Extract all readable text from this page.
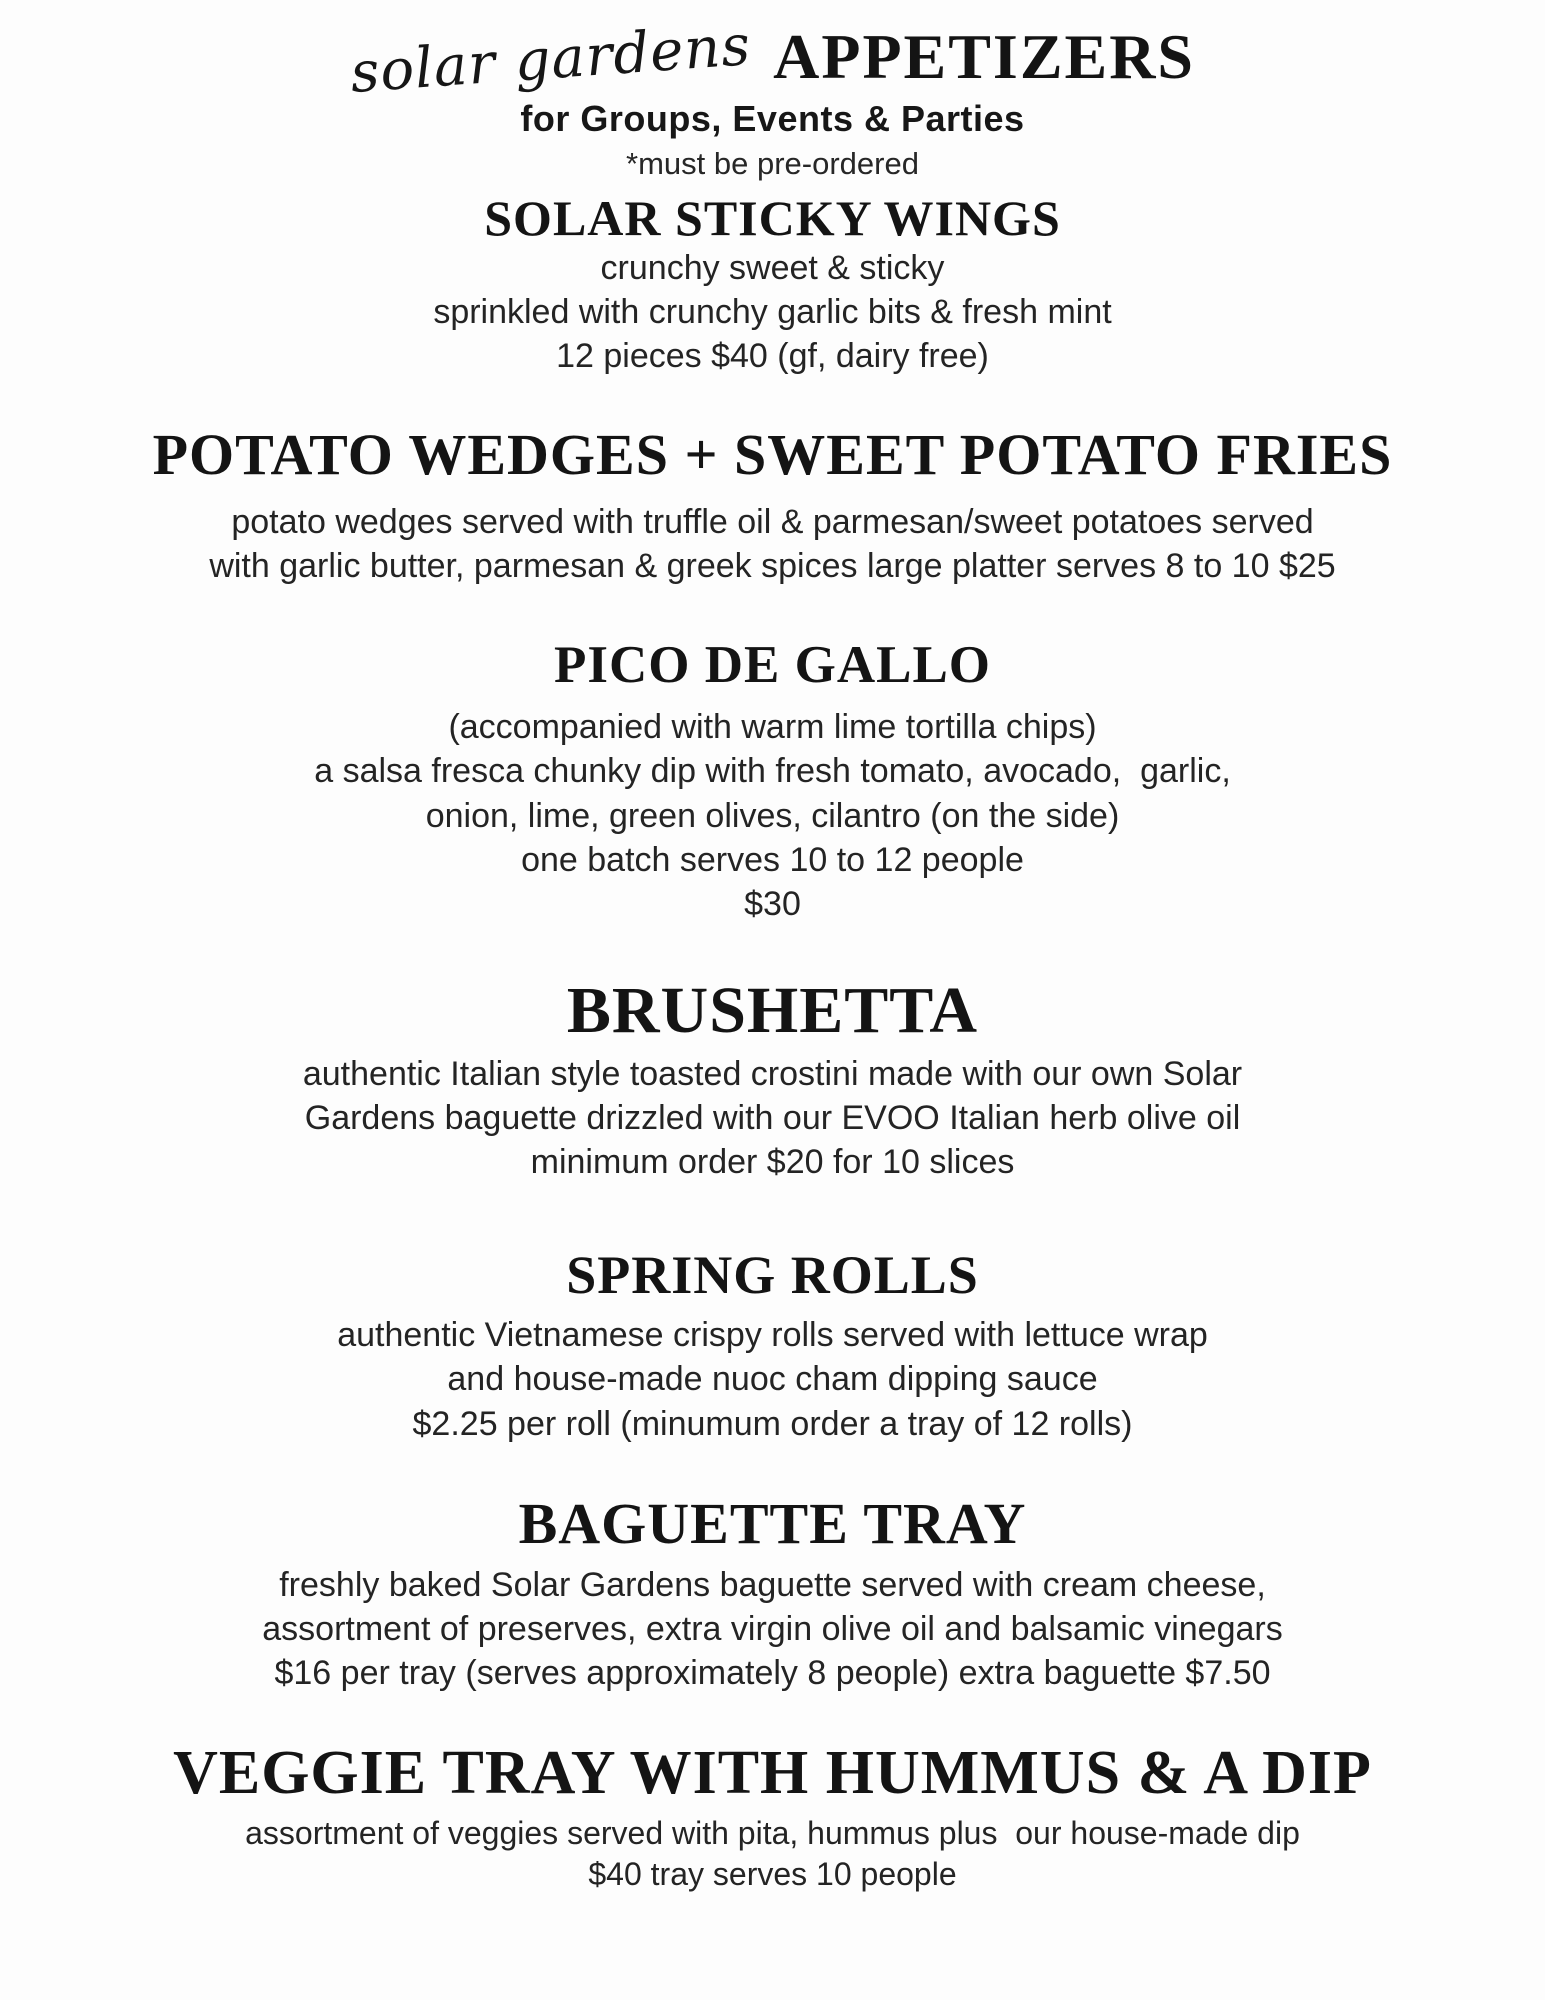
solar gardens APPETIZERS
for Groups, Events & Parties
*must be pre-ordered
SOLAR STICKY WINGS

crunchy sweet & sticky

sprinkled with crunchy garlic bits & fresh mint

12 pieces $40 (gf, dairy free)

POTATO WEDGES + SWEET POTATO FRIES

potato wedges served with truffle oil & parmesan/sweet potatoes served

with garlic butter, parmesan & greek spices large platter serves 8 to 10 $25

PICO DE GALLO

(accompanied with warm lime tortilla chips)

a salsa fresca chunky dip with fresh tomato, avocado,  garlic,

onion, lime, green olives, cilantro (on the side)

one batch serves 10 to 12 people

$30

BRUSHETTA

authentic Italian style toasted crostini made with our own Solar

Gardens baguette drizzled with our EVOO Italian herb olive oil

minimum order $20 for 10 slices

SPRING ROLLS

authentic Vietnamese crispy rolls served with lettuce wrap

and house-made nuoc cham dipping sauce

$2.25 per roll (minumum order a tray of 12 rolls)

BAGUETTE TRAY

freshly baked Solar Gardens baguette served with cream cheese,

assortment of preserves, extra virgin olive oil and balsamic vinegars

$16 per tray (serves approximately 8 people) extra baguette $7.50

VEGGIE TRAY WITH HUMMUS & A DIP

assortment of veggies served with pita, hummus plus  our house-made dip

$40 tray serves 10 people
